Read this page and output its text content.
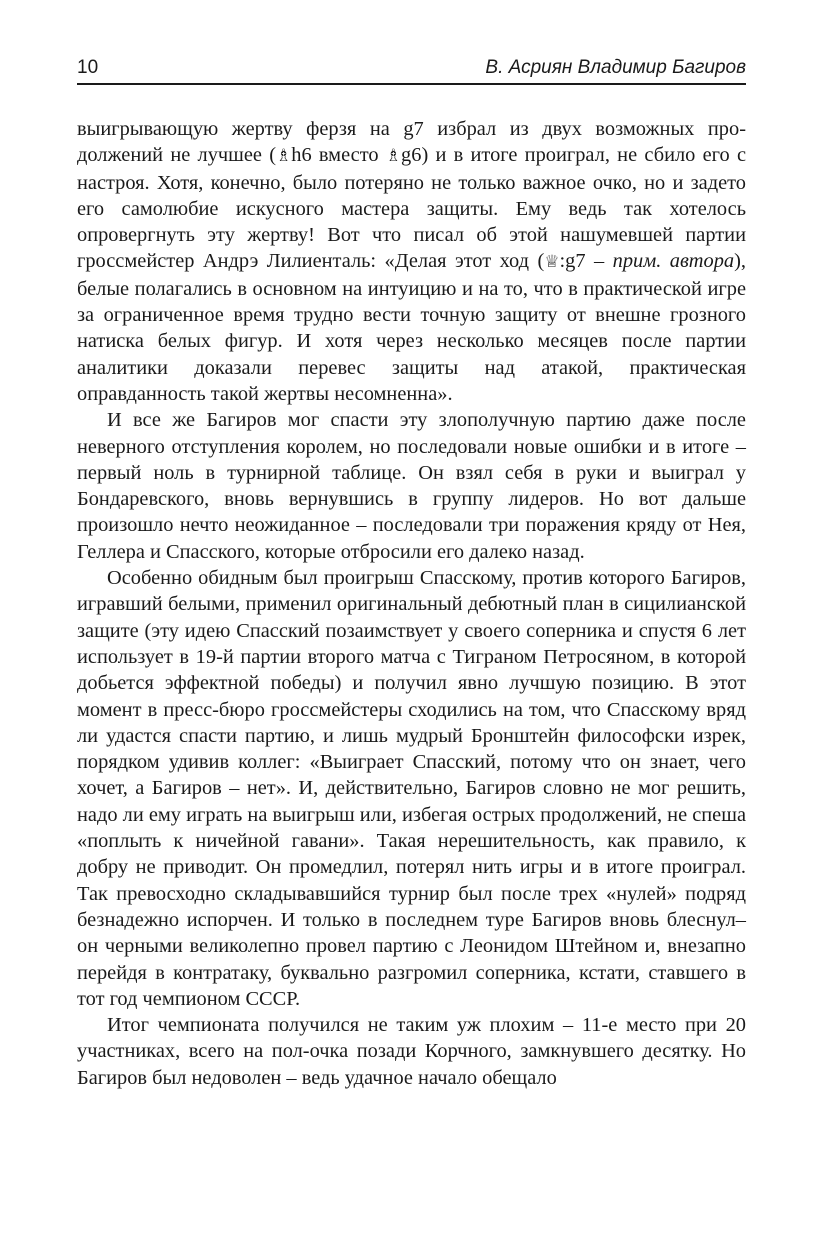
10	В. Асриян Владимир Багиров

выигрывающую жертву ферзя на g7 избрал из двух возможных продолжений не лучшее (♗h6 вместо ♗g6) и в итоге проиграл, не сбило его с настроя. Хотя, конечно, было потеряно не только важное очко, но и задето его самолюбие искусного мастера защиты. Ему ведь так хотелось опровергнуть эту жертву! Вот что писал об этой нашумевшей партии гроссмейстер Андрэ Лилиенталь: «Делая этот ход (♕:g7 – прим. автора), белые полагались в основном на интуицию и на то, что в практической игре за ограниченное время трудно вести точную защиту от внешне грозного натиска белых фигур. И хотя через несколько месяцев после партии аналитики доказали перевес защиты над атакой, практическая оправданность такой жертвы несомненна».

И все же Багиров мог спасти эту злополучную партию даже после неверного отступления королем, но последовали новые ошибки и в итоге – первый ноль в турнирной таблице. Он взял себя в руки и выиграл у Бондаревского, вновь вернувшись в группу лидеров. Но вот дальше произошло нечто неожиданное – последовали три поражения кряду от Нея, Геллера и Спасского, которые отбросили его далеко назад.

Особенно обидным был проигрыш Спасскому, против которого Багиров, игравший белыми, применил оригинальный дебютный план в сицилианской защите (эту идею Спасский позаимствует у своего соперника и спустя 6 лет использует в 19-й партии второго матча с Тиграном Петросяном, в которой добьется эффектной победы) и получил явно лучшую позицию. В этот момент в пресс-бюро гроссмейстеры сходились на том, что Спасскому вряд ли удастся спасти партию, и лишь мудрый Бронштейн философски изрек, порядком удивив коллег: «Выиграет Спасский, потому что он знает, чего хочет, а Багиров – нет». И, действительно, Багиров словно не мог решить, надо ли ему играть на выигрыш или, избегая острых продолжений, не спеша «поплыть к ничейной гавани». Такая нерешительность, как правило, к добру не приводит. Он промедлил, потерял нить игры и в итоге проиграл. Так превосходно складывавшийся турнир был после трех «нулей» подряд безнадежно испорчен. И только в последнем туре Багиров вновь блеснул– он черными великолепно провел партию с Леонидом Штейном и, внезапно перейдя в контратаку, буквально разгромил соперника, кстати, ставшего в тот год чемпионом СССР.

Итог чемпионата получился не таким уж плохим – 11-е место при 20 участниках, всего на пол-очка позади Корчного, замкнувшего десятку. Но Багиров был недоволен – ведь удачное начало обещало
